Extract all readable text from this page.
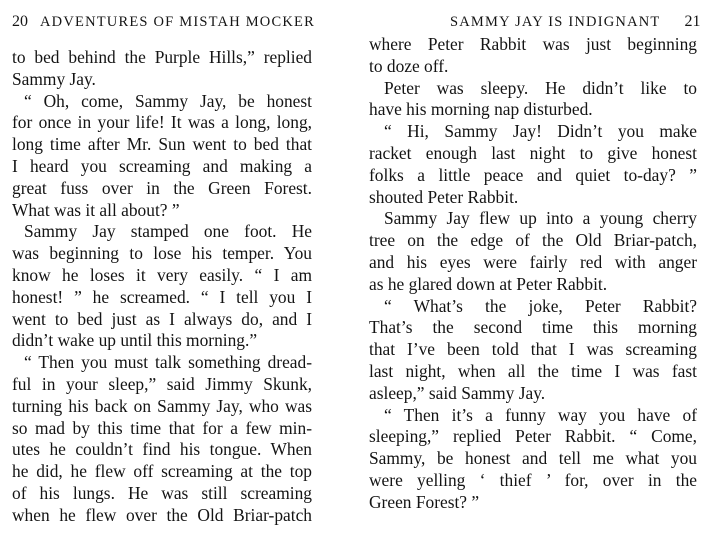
20 ADVENTURES OF MISTAH MOCKER
to bed behind the Purple Hills,” replied
Sammy Jay.
“ Oh, come, Sammy Jay, be honest
for once in your life! It was a long, long,
long time after Mr. Sun went to bed that
I heard you screaming and making a
great fuss over in the Green Forest.
What was it all about? ”
Sammy Jay stamped one foot. He
was beginning to lose his temper. You
know he loses it very easily. “ I am
honest! ” he screamed. “ I tell you I
went to bed just as I always do, and I
didn’t wake up until this morning.”
“ Then you must talk something dread-
ful in your sleep,” said Jimmy Skunk,
turning his back on Sammy Jay, who was
so mad by this time that for a few min-
utes he couldn’t find his tongue. When
he did, he flew off screaming at the top
of his lungs. He was still screaming
when he flew over the Old Briar-patch
SAMMY JAY IS INDIGNANT 21
where Peter Rabbit was just beginning
to doze off.
Peter was sleepy. He didn’t like to
have his morning nap disturbed.
“ Hi, Sammy Jay! Didn’t you make
racket enough last night to give honest
folks a little peace and quiet to-day? ”
shouted Peter Rabbit.
Sammy Jay flew up into a young cherry
tree on the edge of the Old Briar-patch,
and his eyes were fairly red with anger
as he glared down at Peter Rabbit.
“ What’s the joke, Peter Rabbit?
That’s the second time this morning
that I’ve been told that I was screaming
last night, when all the time I was fast
asleep,” said Sammy Jay.
“ Then it’s a funny way you have of
sleeping,” replied Peter Rabbit. “ Come,
Sammy, be honest and tell me what you
were yelling ‘ thief ’ for, over in the
Green Forest? ”
